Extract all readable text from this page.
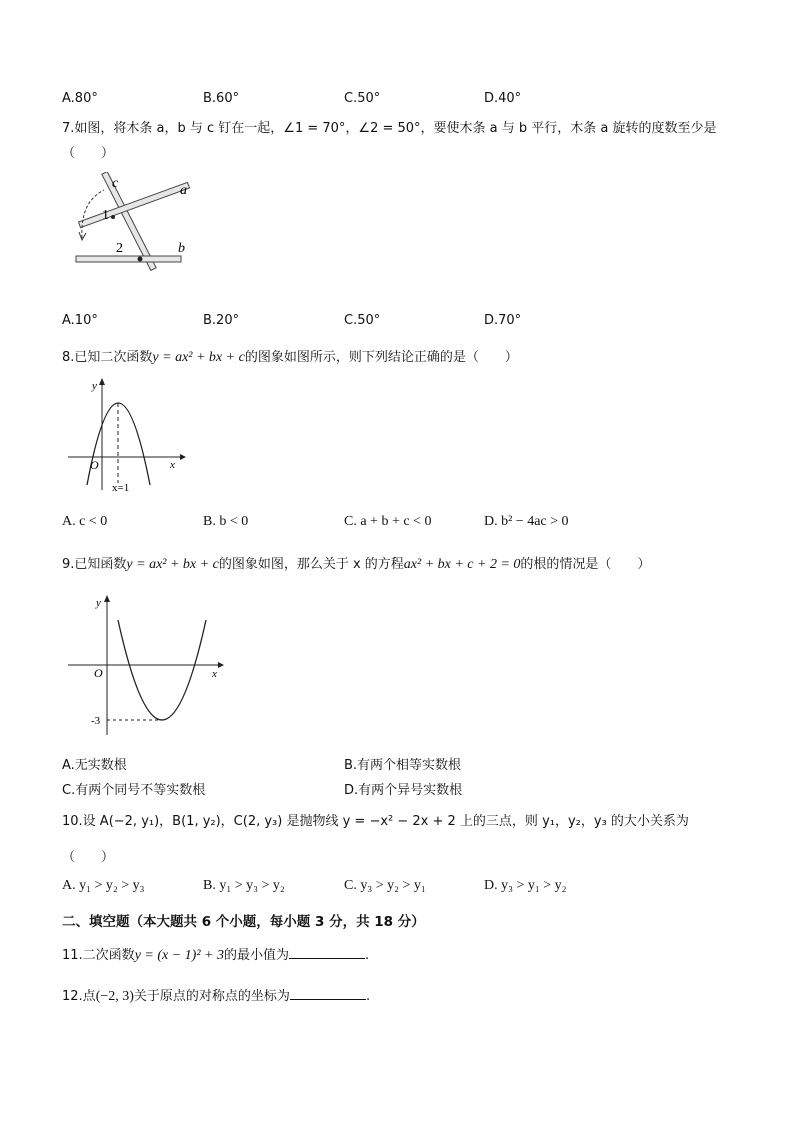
A.80°	B.60°	C.50°	D.40°
7.如图，将木条 a，b 与 c 钉在一起，∠1 = 70°，∠2 = 50°，要使木条 a 与 b 平行，木条 a 旋转的度数至少是
（　　）
c	a
b
1
2
A.10°	B.20°	C.50°	D.70°
8.已知二次函数y = ax² + bx + c的图象如图所示，则下列结论正确的是（　　）
y
x
O
x=1
A. c < 0	B. b < 0	C. a + b + c < 0	D. b² − 4ac > 0
9.已知函数y = ax² + bx + c的图象如图，那么关于 x 的方程ax² + bx + c + 2 = 0的根的情况是（　　）
y
x
O
-3
A.无实数根	B.有两个相等实数根
C.有两个同号不等实数根	D.有两个异号实数根
10.设 A(−2, y₁)，B(1, y₂)，C(2, y₃) 是抛物线 y = −x² − 2x + 2 上的三点，则 y₁，y₂，y₃ 的大小关系为
（　　）
A. y₁ > y₂ > y₃	B. y₁ > y₃ > y₂	C. y₃ > y₂ > y₁	D. y₃ > y₁ > y₂
二、填空题（本大题共 6 个小题，每小题 3 分，共 18 分）
11.二次函数y = (x − 1)² + 3的最小值为	.
12.点(−2, 3)关于原点的对称点的坐标为	.
